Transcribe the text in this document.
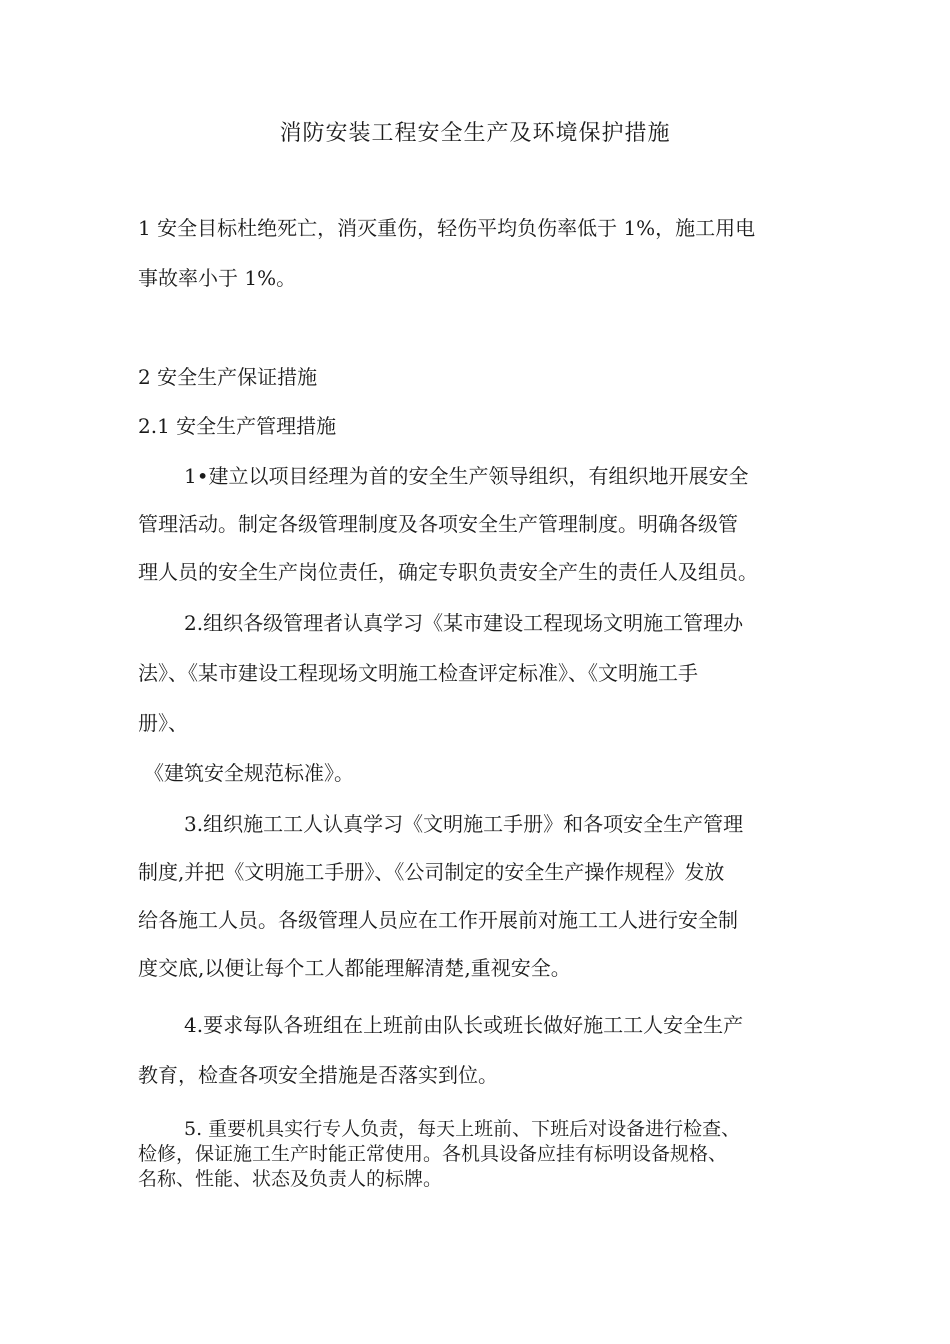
消防安装工程安全生产及环境保护措施
1 安全目标杜绝死亡，消灭重伤，轻伤平均负伤率低于 1%，施工用电
事故率小于 1%。
2 安全生产保证措施
2.1 安全生产管理措施
1•建立以项目经理为首的安全生产领导组织，有组织地开展安全
管理活动。制定各级管理制度及各项安全生产管理制度。明确各级管
理人员的安全生产岗位责任，确定专职负责安全产生的责任人及组员。
2.组织各级管理者认真学习《某市建设工程现场文明施工管理办
法》、《某市建设工程现场文明施工检查评定标准》、《文明施工手
册》、
《建筑安全规范标准》。
3.组织施工工人认真学习《文明施工手册》和各项安全生产管理
制度,并把《文明施工手册》、《公司制定的安全生产操作规程》发放
给各施工人员。各级管理人员应在工作开展前对施工工人进行安全制
度交底,以便让每个工人都能理解清楚,重视安全。
4.要求每队各班组在上班前由队长或班长做好施工工人安全生产
教育，检查各项安全措施是否落实到位。
5. 重要机具实行专人负责，每天上班前、下班后对设备进行检查、
检修，保证施工生产时能正常使用。各机具设备应挂有标明设备规格、
名称、性能、状态及负责人的标牌。
